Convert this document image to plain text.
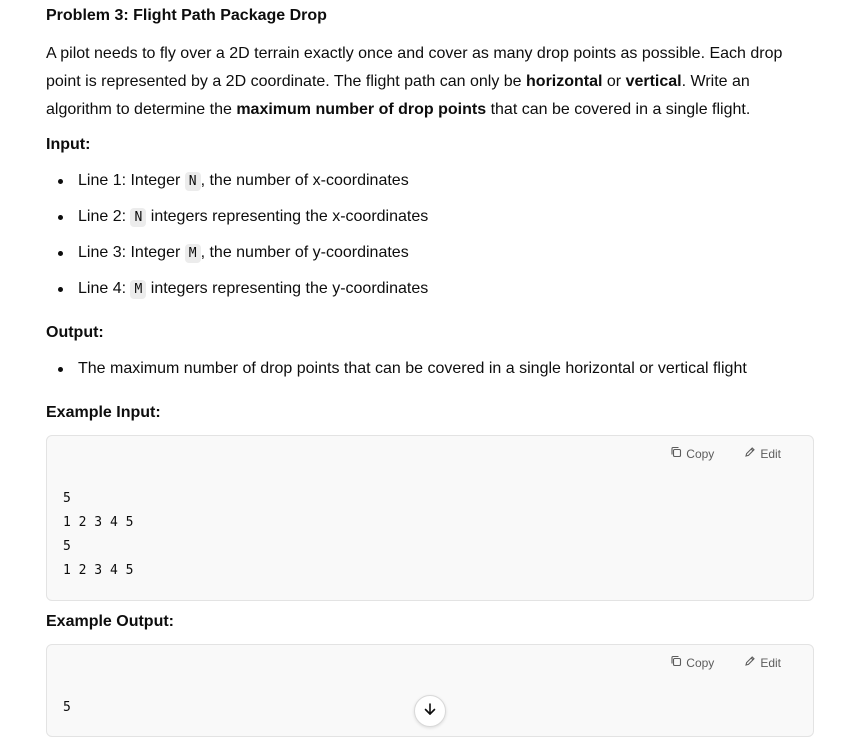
Problem 3: Flight Path Package Drop
A pilot needs to fly over a 2D terrain exactly once and cover as many drop points as possible. Each drop point is represented by a 2D coordinate. The flight path can only be horizontal or vertical. Write an algorithm to determine the maximum number of drop points that can be covered in a single flight.
Input:
Line 1: Integer N , the number of x-coordinates
Line 2: N integers representing the x-coordinates
Line 3: Integer M , the number of y-coordinates
Line 4: M integers representing the y-coordinates
Output:
The maximum number of drop points that can be covered in a single horizontal or vertical flight
Example Input:
Copy	Edit
5
1 2 3 4 5
5
1 2 3 4 5
Example Output:
Copy	Edit
5
